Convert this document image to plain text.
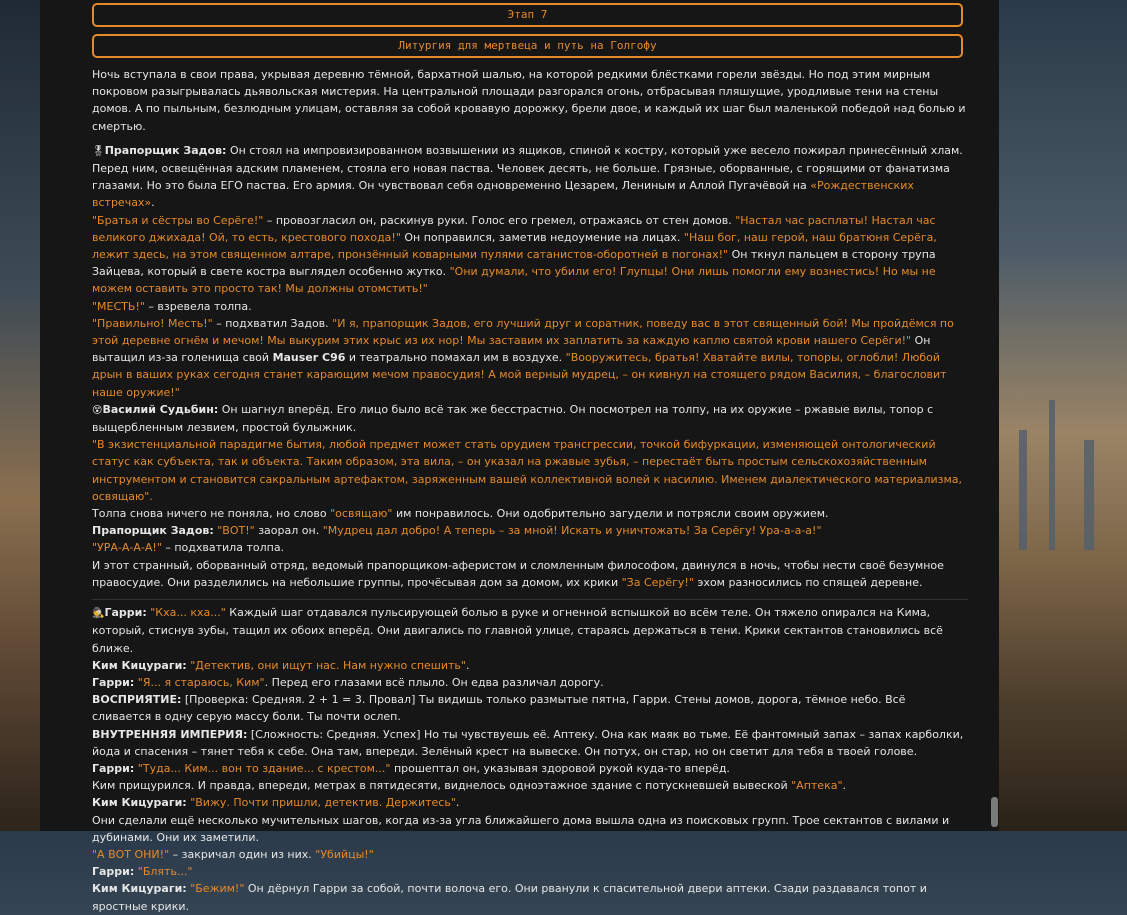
Этап 7
Литургия для мертвеца и путь на Голгофу

Ночь вступала в свои права, укрывая деревню тёмной, бархатной шалью, на которой редкими блёстками горели звёзды. Но под этим мирным покровом разыгрывалась дьявольская мистерия. На центральной площади разгорался огонь, отбрасывая пляшущие, уродливые тени на стены домов. А по пыльным, безлюдным улицам, оставляя за собой кровавую дорожку, брели двое, и каждый их шаг был маленькой победой над болью и смертью.

🎖Прапорщик Задов: Он стоял на импровизированном возвышении из ящиков, спиной к костру, который уже весело пожирал принесённый хлам. Перед ним, освещённая адским пламенем, стояла его новая паства. Человек десять, не больше. Грязные, оборванные, с горящими от фанатизма глазами. Но это была ЕГО паства. Его армия. Он чувствовал себя одновременно Цезарем, Лениным и Аллой Пугачёвой на «Рождественских встречах».

"Братья и сёстры во Серёге!" – провозгласил он, раскинув руки. Голос его гремел, отражаясь от стен домов. "Настал час расплаты! Настал час великого джихада! Ой, то есть, крестового похода!" Он поправился, заметив недоумение на лицах. "Наш бог, наш герой, наш братюня Серёга, лежит здесь, на этом священном алтаре, пронзённый коварными пулями сатанистов-оборотней в погонах!" Он ткнул пальцем в сторону трупа Зайцева, который в свете костра выглядел особенно жутко. "Они думали, что убили его! Глупцы! Они лишь помогли ему вознестись! Но мы не можем оставить это просто так! Мы должны отомстить!"

"МЕСТЬ!" – взревела толпа.

"Правильно! Месть!" – подхватил Задов. "И я, прапорщик Задов, его лучший друг и соратник, поведу вас в этот священный бой! Мы пройдёмся по этой деревне огнём и мечом! Мы выкурим этих крыс из их нор! Мы заставим их заплатить за каждую каплю святой крови нашего Серёги!" Он вытащил из-за голенища свой Mauser C96 и театрально помахал им в воздухе. "Вооружитесь, братья! Хватайте вилы, топоры, оглобли! Любой дрын в ваших руках сегодня станет карающим мечом правосудия! А мой верный мудрец, – он кивнул на стоящего рядом Василия, – благословит наше оружие!"

😵Василий Судьбин: Он шагнул вперёд. Его лицо было всё так же бесстрастно. Он посмотрел на толпу, на их оружие – ржавые вилы, топор с выщербленным лезвием, простой булыжник.

"В экзистенциальной парадигме бытия, любой предмет может стать орудием трансгрессии, точкой бифуркации, изменяющей онтологический статус как субъекта, так и объекта. Таким образом, эта вила, – он указал на ржавые зубья, – перестаёт быть простым сельскохозяйственным инструментом и становится сакральным артефактом, заряженным вашей коллективной волей к насилию. Именем диалектического материализма, освящаю".

Толпа снова ничего не поняла, но слово "освящаю" им понравилось. Они одобрительно загудели и потрясли своим оружием.

Прапорщик Задов: "ВОТ!" заорал он. "Мудрец дал добро! А теперь – за мной! Искать и уничтожать! За Серёгу! Ура-а-а-а!"

"УРА-А-А-А!" – подхватила толпа.

И этот странный, оборванный отряд, ведомый прапорщиком-аферистом и сломленным философом, двинулся в ночь, чтобы нести своё безумное правосудие. Они разделились на небольшие группы, прочёсывая дом за домом, их крики "За Серёгу!" эхом разносились по спящей деревне.

🕵Гарри: "Кха... кха..." Каждый шаг отдавался пульсирующей болью в руке и огненной вспышкой во всём теле. Он тяжело опирался на Кима, который, стиснув зубы, тащил их обоих вперёд. Они двигались по главной улице, стараясь держаться в тени. Крики сектантов становились всё ближе.

Ким Кицураги: "Детектив, они ищут нас. Нам нужно спешить".

Гарри: "Я... я стараюсь, Ким". Перед его глазами всё плыло. Он едва различал дорогу.

ВОСПРИЯТИЕ: [Проверка: Средняя. 2 + 1 = 3. Провал] Ты видишь только размытые пятна, Гарри. Стены домов, дорога, тёмное небо. Всё сливается в одну серую массу боли. Ты почти ослеп.

ВНУТРЕННЯЯ ИМПЕРИЯ: [Сложность: Средняя. Успех] Но ты чувствуешь её. Аптеку. Она как маяк во тьме. Её фантомный запах – запах карболки, йода и спасения – тянет тебя к себе. Она там, впереди. Зелёный крест на вывеске. Он потух, он стар, но он светит для тебя в твоей голове.

Гарри: "Туда... Ким... вон то здание... с крестом..." прошептал он, указывая здоровой рукой куда-то вперёд.

Ким прищурился. И правда, впереди, метрах в пятидесяти, виднелось одноэтажное здание с потускневшей вывеской "Аптека".

Ким Кицураги: "Вижу. Почти пришли, детектив. Держитесь".

Они сделали ещё несколько мучительных шагов, когда из-за угла ближайшего дома вышла одна из поисковых групп. Трое сектантов с вилами и дубинами. Они их заметили.

"А ВОТ ОНИ!" – закричал один из них. "Убийцы!"

Гарри: "Блять..."

Ким Кицураги: "Бежим!" Он дёрнул Гарри за собой, почти волоча его. Они рванули к спасительной двери аптеки. Сзади раздавался топот и яростные крики.
